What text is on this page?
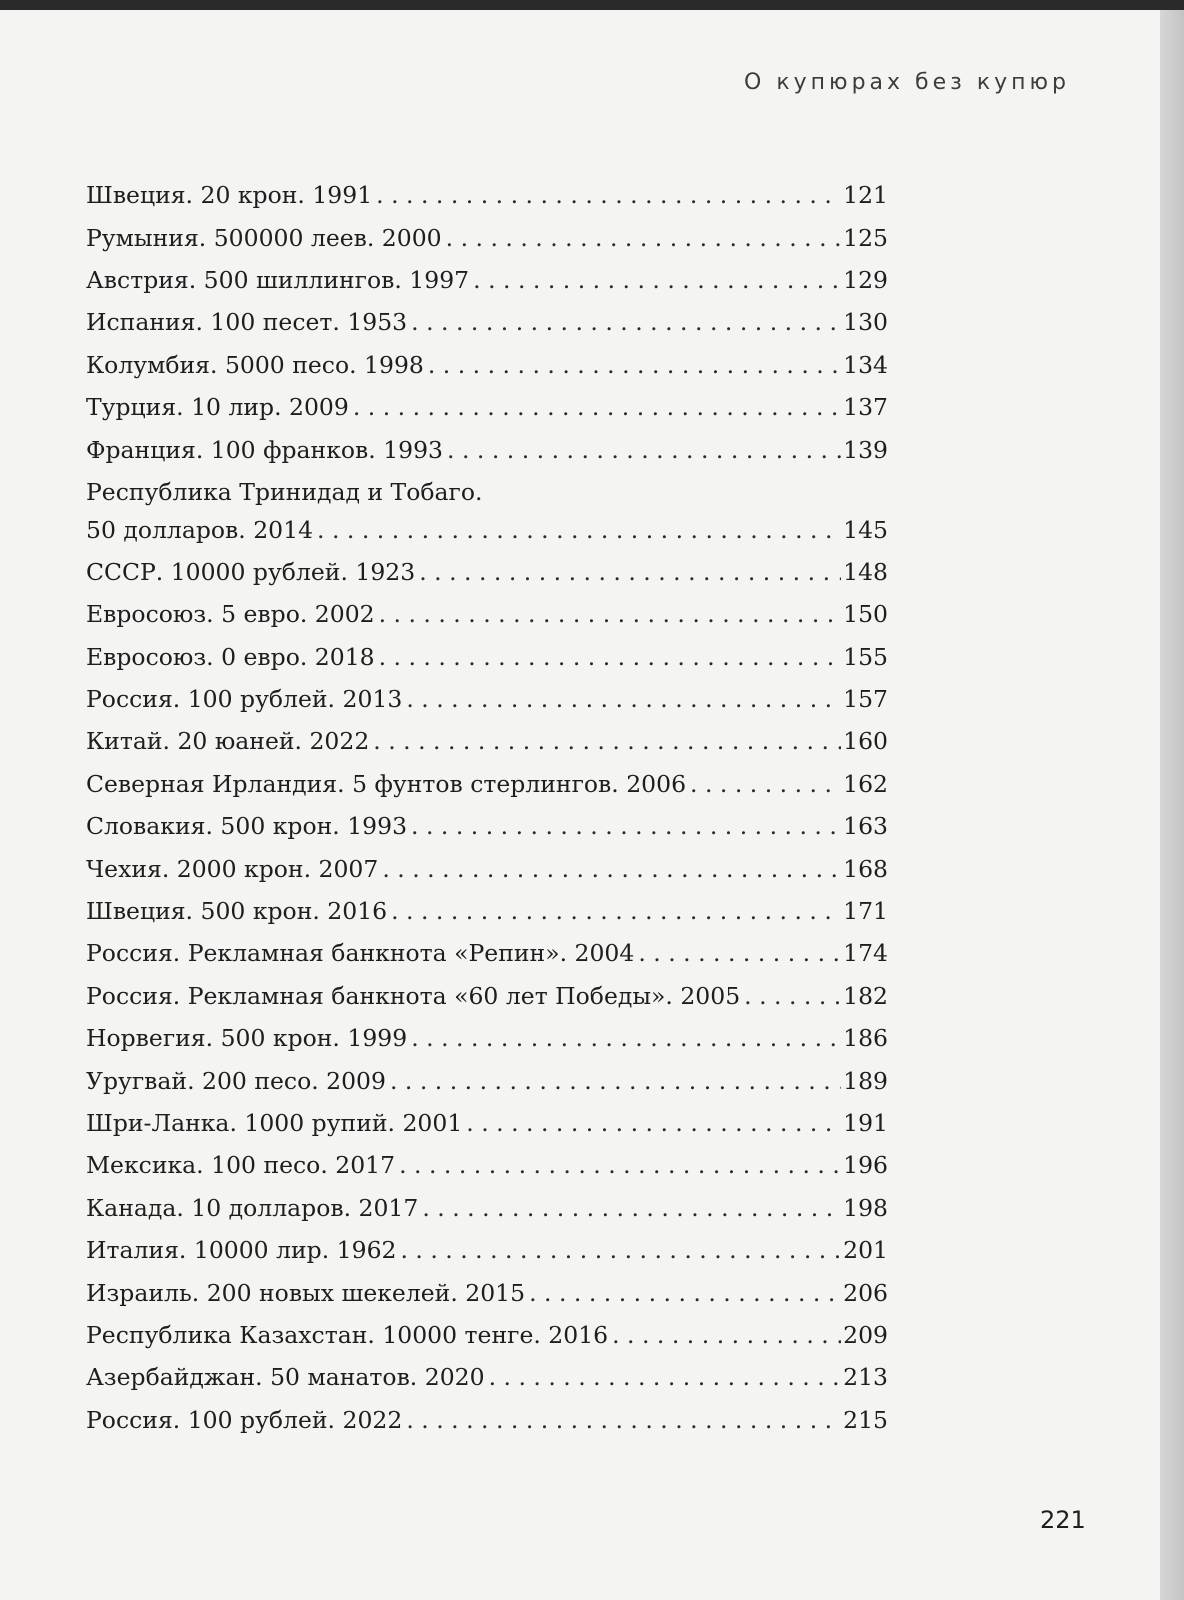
О купюрах без купюр
Швеция. 20 крон. 1991 . . .	121
Румыния. 500000 леев. 2000 . . .	125
Австрия. 500 шиллингов. 1997 . . .	129
Испания. 100 песет. 1953 . . .	130
Колумбия. 5000 песо. 1998 . . .	134
Турция. 10 лир. 2009 . . .	137
Франция. 100 франков. 1993 . . .	139
Республика Тринидад и Тобаго.
50 долларов. 2014 . . .	145
СССР. 10000 рублей. 1923 . . .	148
Евросоюз. 5 евро. 2002 . . .	150
Евросоюз. 0 евро. 2018 . . .	155
Россия. 100 рублей. 2013 . . .	157
Китай. 20 юаней. 2022 . . .	160
Северная Ирландия. 5 фунтов стерлингов. 2006 . . .	162
Словакия. 500 крон. 1993 . . .	163
Чехия. 2000 крон. 2007 . . .	168
Швеция. 500 крон. 2016 . . .	171
Россия. Рекламная банкнота «Репин». 2004 . . .	174
Россия. Рекламная банкнота «60 лет Победы». 2005 . . .	182
Норвегия. 500 крон. 1999 . . .	186
Уругвай. 200 песо. 2009 . . .	189
Шри-Ланка. 1000 рупий. 2001 . . .	191
Мексика. 100 песо. 2017 . . .	196
Канада. 10 долларов. 2017 . . .	198
Италия. 10000 лир. 1962 . . .	201
Израиль. 200 новых шекелей. 2015 . . .	206
Республика Казахстан. 10000 тенге. 2016 . . .	209
Азербайджан. 50 манатов. 2020 . . .	213
Россия. 100 рублей. 2022 . . .	215
221
